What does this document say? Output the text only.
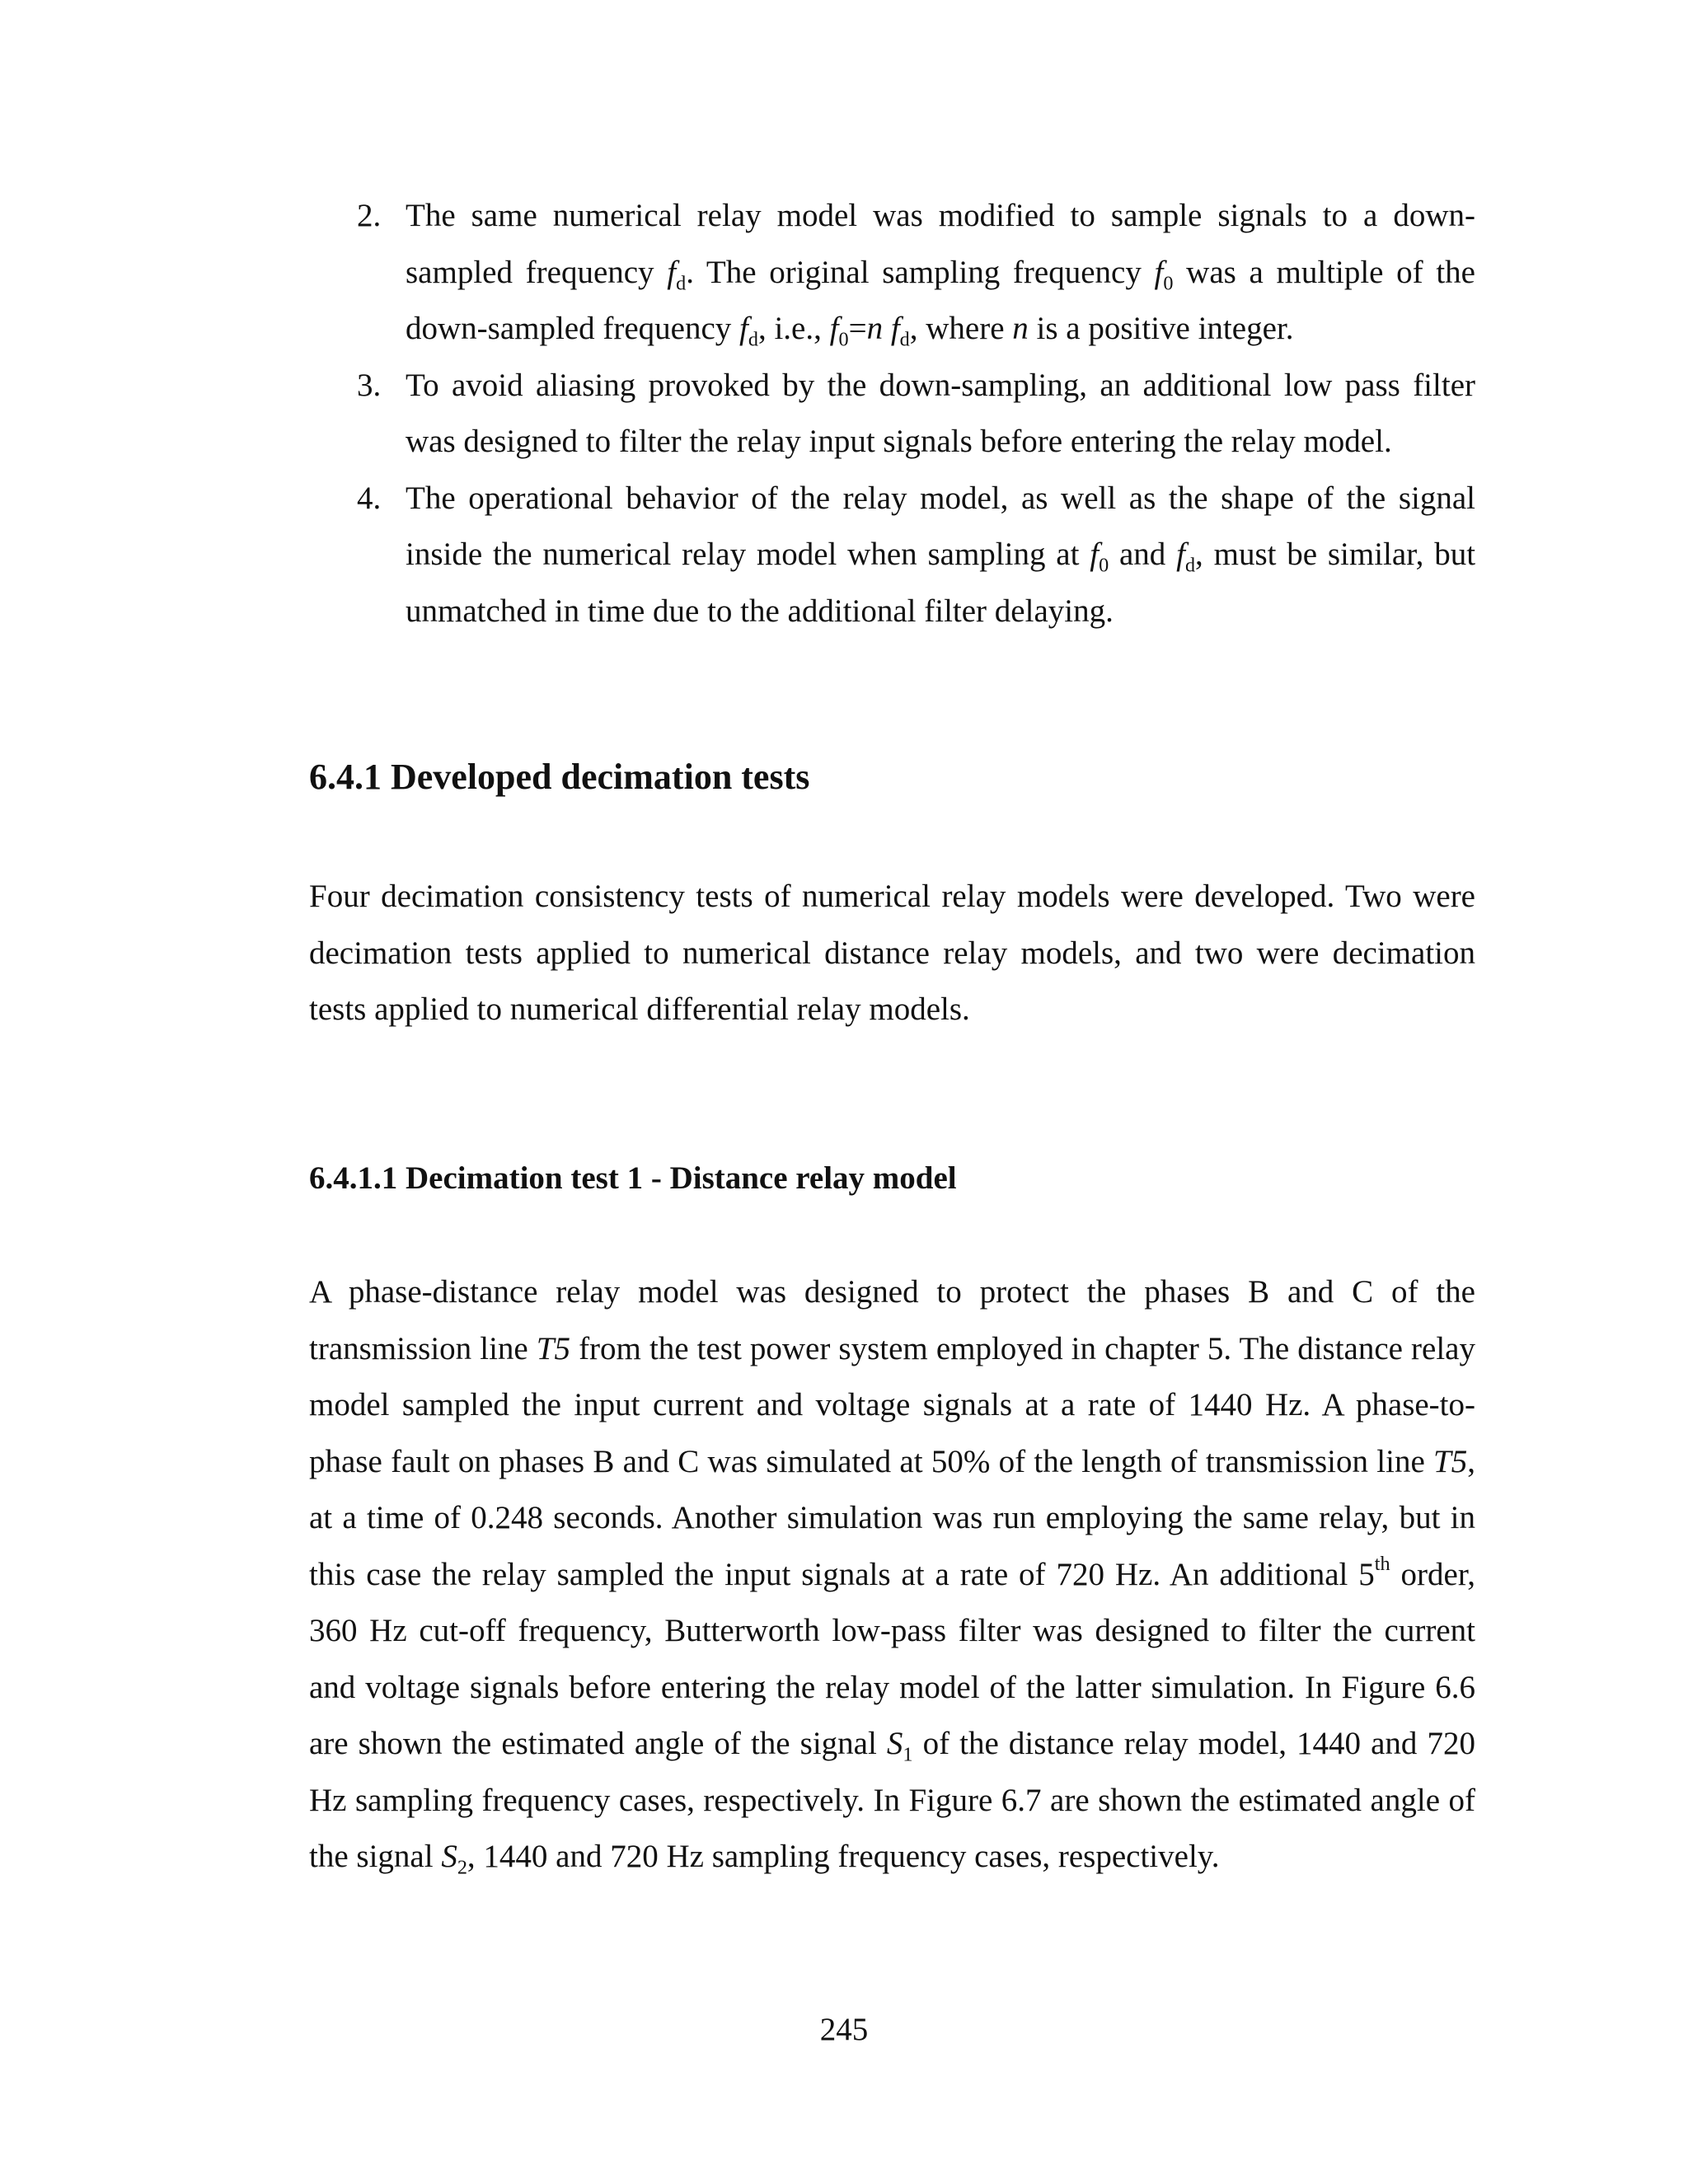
2. The same numerical relay model was modified to sample signals to a down-sampled frequency $f_d$. The original sampling frequency $f_0$ was a multiple of the down-sampled frequency $f_d$, i.e., $f_0=n$ $f_d$, where n is a positive integer.
3. To avoid aliasing provoked by the down-sampling, an additional low pass filter was designed to filter the relay input signals before entering the relay model.
4. The operational behavior of the relay model, as well as the shape of the signal inside the numerical relay model when sampling at $f_0$ and $f_d$, must be similar, but unmatched in time due to the additional filter delaying.
6.4.1 Developed decimation tests

Four decimation consistency tests of numerical relay models were developed. Two were decimation tests applied to numerical distance relay models, and two were decimation tests applied to numerical differential relay models.

6.4.1.1 Decimation test 1 - Distance relay model

A phase-distance relay model was designed to protect the phases B and C of the transmission line T5 from the test power system employed in chapter 5. The distance relay model sampled the input current and voltage signals at a rate of 1440 Hz. A phase-to-phase fault on phases B and C was simulated at 50% of the length of transmission line T5, at a time of 0.248 seconds. Another simulation was run employing the same relay, but in this case the relay sampled the input signals at a rate of 720 Hz. An additional 5th order, 360 Hz cut-off frequency, Butterworth low-pass filter was designed to filter the current and voltage signals before entering the relay model of the latter simulation. In Figure 6.6 are shown the estimated angle of the signal $S_1$ of the distance relay model, 1440 and 720 Hz sampling frequency cases, respectively. In Figure 6.7 are shown the estimated angle of the signal $S_2$, 1440 and 720 Hz sampling frequency cases, respectively.

245
